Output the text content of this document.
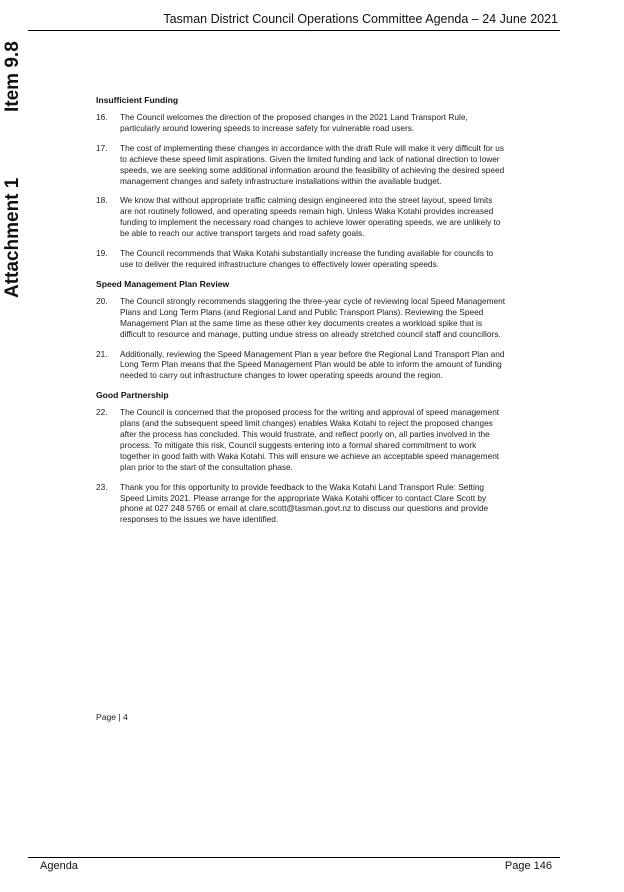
Tasman District Council Operations Committee Agenda – 24 June 2021
Item 9.8
Attachment 1
Insufficient Funding
16.	The Council welcomes the direction of the proposed changes in the 2021 Land Transport Rule, particularly around lowering speeds to increase safety for vulnerable road users.
17.	The cost of implementing these changes in accordance with the draft Rule will make it very difficult for us to achieve these speed limit aspirations. Given the limited funding and lack of national direction to lower speeds, we are seeking some additional information around the feasibility of achieving the desired speed management changes and safety infrastructure installations within the available budget.
18.	We know that without appropriate traffic calming design engineered into the street layout, speed limits are not routinely followed, and operating speeds remain high. Unless Waka Kotahi provides increased funding to implement the necessary road changes to achieve lower operating speeds, we are unlikely to be able to reach our active transport targets and road safety goals.
19.	The Council recommends that Waka Kotahi substantially increase the funding available for councils to use to deliver the required infrastructure changes to effectively lower operating speeds.
Speed Management Plan Review
20.	The Council strongly recommends staggering the three-year cycle of reviewing local Speed Management Plans and Long Term Plans (and Regional Land and Public Transport Plans). Reviewing the Speed Management Plan at the same time as these other key documents creates a workload spike that is difficult to resource and manage, putting undue stress on already stretched council staff and councillors.
21.	Additionally, reviewing the Speed Management Plan a year before the Regional Land Transport Plan and Long Term Plan means that the Speed Management Plan would be able to inform the amount of funding needed to carry out infrastructure changes to lower operating speeds around the region.
Good Partnership
22.	The Council is concerned that the proposed process for the writing and approval of speed management plans (and the subsequent speed limit changes) enables Waka Kotahi to reject the proposed changes after the process has concluded. This would frustrate, and reflect poorly on, all parties involved in the process. To mitigate this risk, Council suggests entering into a formal shared commitment to work together in good faith with Waka Kotahi. This will ensure we achieve an acceptable speed management plan prior to the start of the consultation phase.
23.	Thank you for this opportunity to provide feedback to the Waka Kotahi Land Transport Rule: Setting Speed Limits 2021. Please arrange for the appropriate Waka Kotahi officer to contact Clare Scott by phone at 027 248 5765 or email at clare.scott@tasman.govt.nz to discuss our questions and provide responses to the issues we have identified.
Page | 4
Agenda	Page 146
